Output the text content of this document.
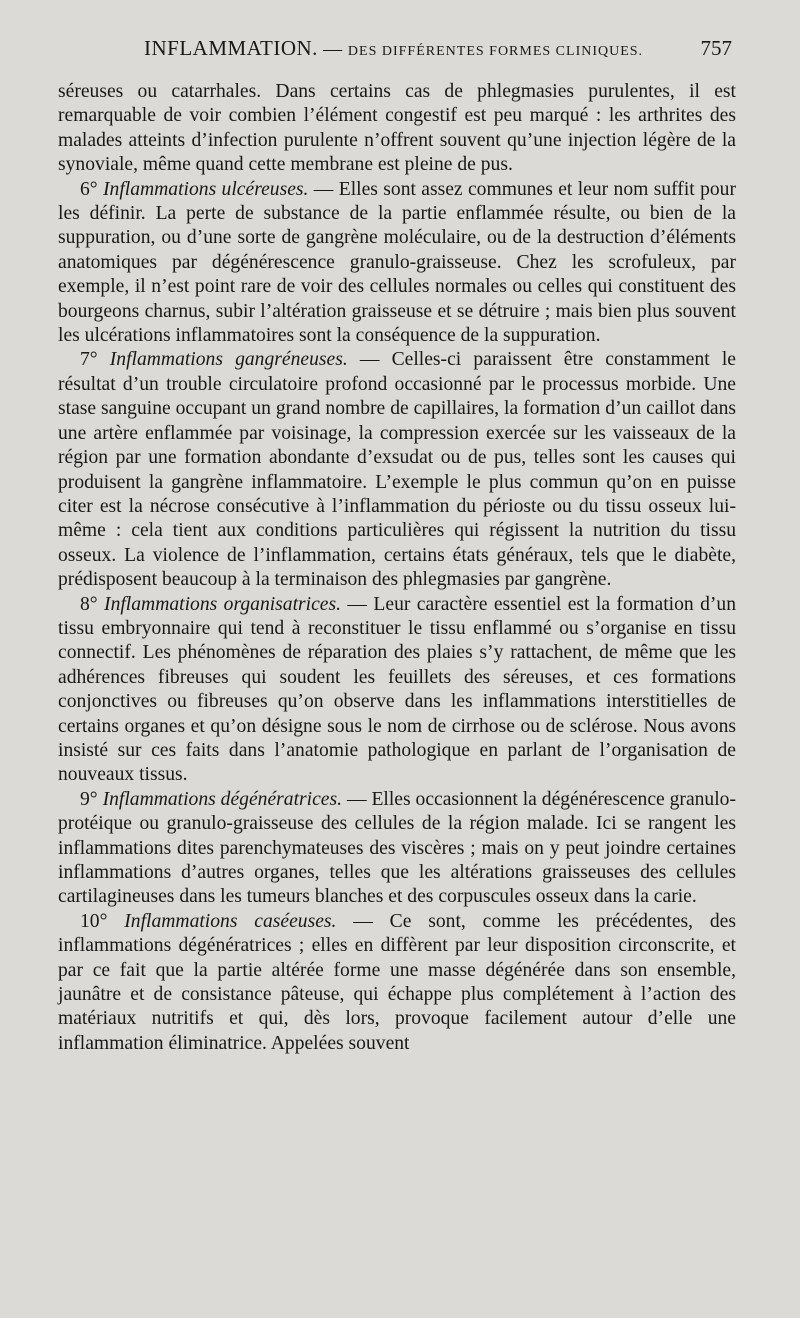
INFLAMMATION. — DES DIFFÉRENTES FORMES CLINIQUES.	757

séreuses ou catarrhales. Dans certains cas de phlegmasies purulentes, il est remarquable de voir combien l’élément congestif est peu marqué : les arthrites des malades atteints d’infection purulente n’offrent souvent qu’une injection légère de la synoviale, même quand cette membrane est pleine de pus.

6° Inflammations ulcéreuses. — Elles sont assez communes et leur nom suffit pour les définir. La perte de substance de la partie enflammée résulte, ou bien de la suppuration, ou d’une sorte de gangrène moléculaire, ou de la destruction d’éléments anatomiques par dégénérescence granulo-graisseuse. Chez les scrofuleux, par exemple, il n’est point rare de voir des cellules normales ou celles qui constituent des bourgeons charnus, subir l’altération graisseuse et se détruire ; mais bien plus souvent les ulcérations inflammatoires sont la conséquence de la suppuration.

7° Inflammations gangréneuses. — Celles-ci paraissent être constamment le résultat d’un trouble circulatoire profond occasionné par le processus morbide. Une stase sanguine occupant un grand nombre de capillaires, la formation d’un caillot dans une artère enflammée par voisinage, la compression exercée sur les vaisseaux de la région par une formation abondante d’exsudat ou de pus, telles sont les causes qui produisent la gangrène inflammatoire. L’exemple le plus commun qu’on en puisse citer est la nécrose consécutive à l’inflammation du périoste ou du tissu osseux lui-même : cela tient aux conditions particulières qui régissent la nutrition du tissu osseux. La violence de l’inflammation, certains états généraux, tels que le diabète, prédisposent beaucoup à la terminaison des phlegmasies par gangrène.

8° Inflammations organisatrices. — Leur caractère essentiel est la formation d’un tissu embryonnaire qui tend à reconstituer le tissu enflammé ou s’organise en tissu connectif. Les phénomènes de réparation des plaies s’y rattachent, de même que les adhérences fibreuses qui soudent les feuillets des séreuses, et ces formations conjonctives ou fibreuses qu’on observe dans les inflammations interstitielles de certains organes et qu’on désigne sous le nom de cirrhose ou de sclérose. Nous avons insisté sur ces faits dans l’anatomie pathologique en parlant de l’organisation de nouveaux tissus.

9° Inflammations dégénératrices. — Elles occasionnent la dégénérescence granulo-protéique ou granulo-graisseuse des cellules de la région malade. Ici se rangent les inflammations dites parenchymateuses des viscères ; mais on y peut joindre certaines inflammations d’autres organes, telles que les altérations graisseuses des cellules cartilagineuses dans les tumeurs blanches et des corpuscules osseux dans la carie.

10° Inflammations caséeuses. — Ce sont, comme les précédentes, des inflammations dégénératrices ; elles en diffèrent par leur disposition circonscrite, et par ce fait que la partie altérée forme une masse dégénérée dans son ensemble, jaunâtre et de consistance pâteuse, qui échappe plus complétement à l’action des matériaux nutritifs et qui, dès lors, provoque facilement autour d’elle une inflammation éliminatrice. Appelées souvent
